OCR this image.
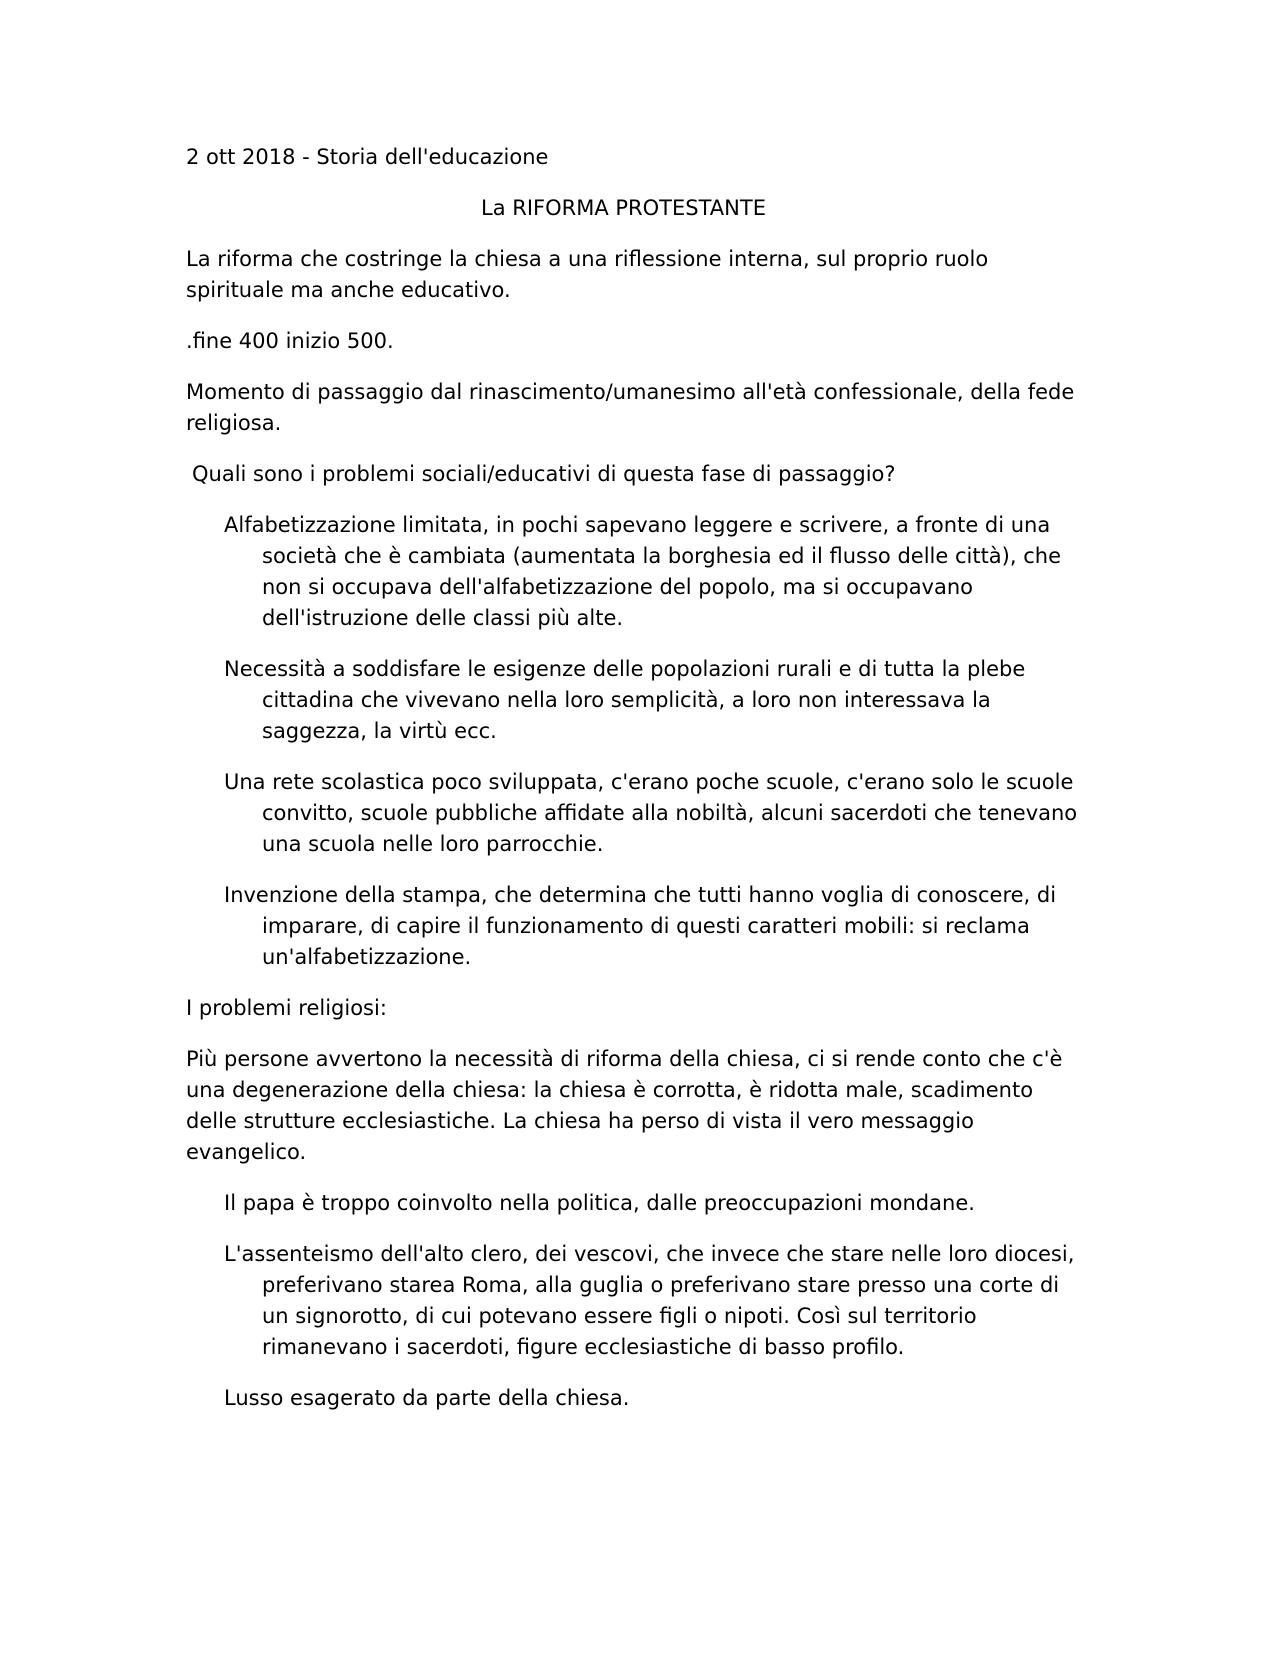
2 ott 2018 - Storia dell'educazione

La RIFORMA PROTESTANTE

La riforma che costringe la chiesa a una riflessione interna, sul proprio ruolo spirituale ma anche educativo.

.fine 400 inizio 500.

Momento di passaggio dal rinascimento/umanesimo all'età confessionale, della fede religiosa.

Quali sono i problemi sociali/educativi di questa fase di passaggio?

Alfabetizzazione limitata, in pochi sapevano leggere e scrivere, a fronte di una società che è cambiata (aumentata la borghesia ed il flusso delle città), che non si occupava dell'alfabetizzazione del popolo, ma si occupavano dell'istruzione delle classi più alte.
Necessità a soddisfare le esigenze delle popolazioni rurali e di tutta la plebe cittadina che vivevano nella loro semplicità, a loro non interessava la saggezza, la virtù ecc.
Una rete scolastica poco sviluppata, c'erano poche scuole, c'erano solo le scuole convitto, scuole pubbliche affidate alla nobiltà, alcuni sacerdoti che tenevano una scuola nelle loro parrocchie.
Invenzione della stampa, che determina che tutti hanno voglia di conoscere, di imparare, di capire il funzionamento di questi caratteri mobili: si reclama un'alfabetizzazione.

I problemi religiosi:

Più persone avvertono la necessità di riforma della chiesa, ci si rende conto che c'è una degenerazione della chiesa: la chiesa è corrotta, è ridotta male, scadimento delle strutture ecclesiastiche. La chiesa ha perso di vista il vero messaggio evangelico.

Il papa è troppo coinvolto nella politica, dalle preoccupazioni mondane.
L'assenteismo dell'alto clero, dei vescovi, che invece che stare nelle loro diocesi, preferivano starea Roma, alla guglia o preferivano stare presso una corte di un signorotto, di cui potevano essere figli o nipoti. Così sul territorio rimanevano i sacerdoti, figure ecclesiastiche di basso profilo.
Lusso esagerato da parte della chiesa.
